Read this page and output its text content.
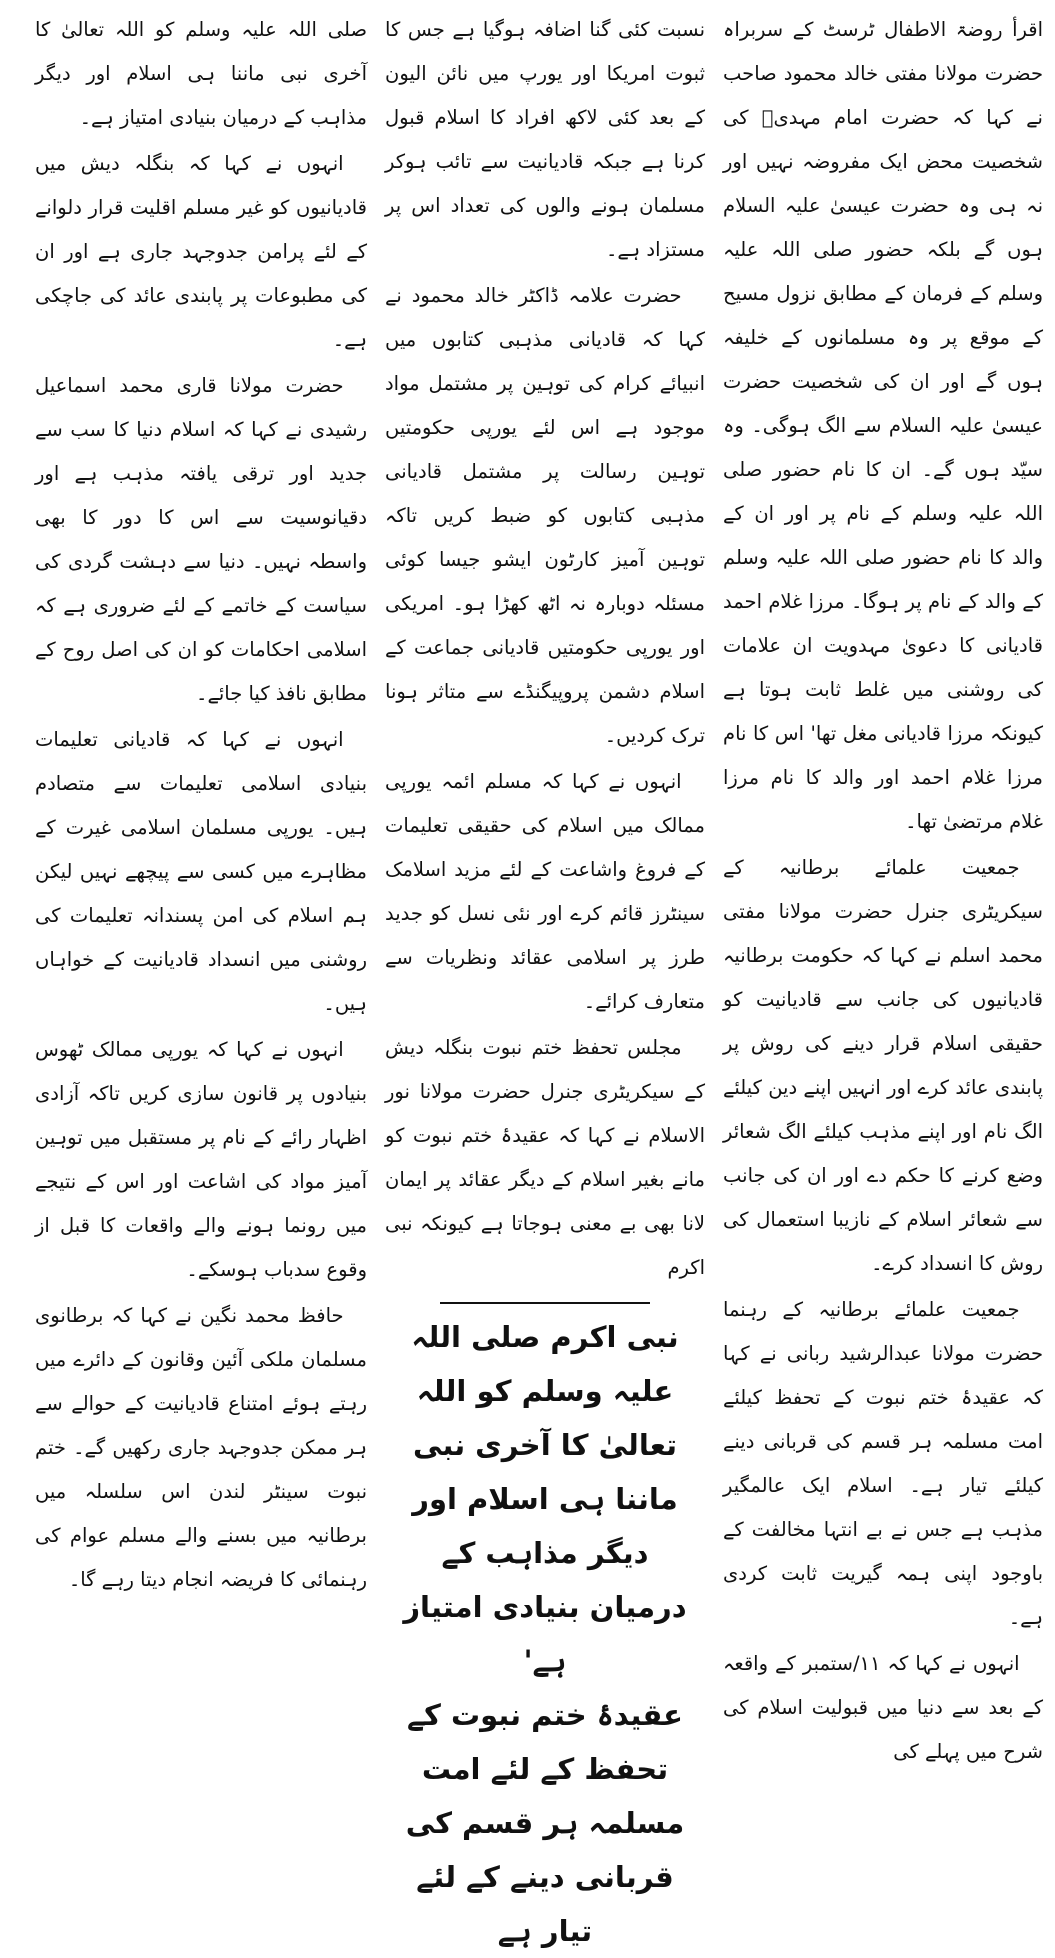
اقرأ روضۃ الاطفال ٹرسٹ کے سربراہ حضرت مولانا مفتی خالد محمود صاحب نے کہا کہ حضرت امام مہدیؒ کی شخصیت محض ایک مفروضہ نہیں اور نہ ہی وہ حضرت عیسیٰ علیہ السلام ہوں گے بلکہ حضور صلی اللہ علیہ وسلم کے فرمان کے مطابق نزول مسیح کے موقع پر وہ مسلمانوں کے خلیفہ ہوں گے اور ان کی شخصیت حضرت عیسیٰ علیہ السلام سے الگ ہوگی۔ وہ سیّد ہوں گے۔ ان کا نام حضور صلی اللہ علیہ وسلم کے نام پر اور ان کے والد کا نام حضور صلی اللہ علیہ وسلم کے والد کے نام پر ہوگا۔ مرزا غلام احمد قادیانی کا دعویٰ مہدویت ان علامات کی روشنی میں غلط ثابت ہوتا ہے کیونکہ مرزا قادیانی مغل تھا' اس کا نام مرزا غلام احمد اور والد کا نام مرزا غلام مرتضیٰ تھا۔

جمعیت علمائے برطانیہ کے سیکریٹری جنرل حضرت مولانا مفتی محمد اسلم نے کہا کہ حکومت برطانیہ قادیانیوں کی جانب سے قادیانیت کو حقیقی اسلام قرار دینے کی روش پر پابندی عائد کرے اور انہیں اپنے دین کیلئے الگ نام اور اپنے مذہب کیلئے الگ شعائر وضع کرنے کا حکم دے اور ان کی جانب سے شعائر اسلام کے نازیبا استعمال کی روش کا انسداد کرے۔

جمعیت علمائے برطانیہ کے رہنما حضرت مولانا عبدالرشید ربانی نے کہا کہ عقیدۂ ختم نبوت کے تحفظ کیلئے امت مسلمہ ہر قسم کی قربانی دینے کیلئے تیار ہے۔ اسلام ایک عالمگیر مذہب ہے جس نے بے انتہا مخالفت کے باوجود اپنی ہمہ گیریت ثابت کردی ہے۔

انہوں نے کہا کہ ۱۱/ستمبر کے واقعہ کے بعد سے دنیا میں قبولیت اسلام کی شرح میں پہلے کی

نسبت کئی گنا اضافہ ہوگیا ہے جس کا ثبوت امریکا اور یورپ میں نائن الیون کے بعد کئی لاکھ افراد کا اسلام قبول کرنا ہے جبکہ قادیانیت سے تائب ہوکر مسلمان ہونے والوں کی تعداد اس پر مستزاد ہے۔

حضرت علامہ ڈاکٹر خالد محمود نے کہا کہ قادیانی مذہبی کتابوں میں انبیائے کرام کی توہین پر مشتمل مواد موجود ہے اس لئے یورپی حکومتیں توہین رسالت پر مشتمل قادیانی مذہبی کتابوں کو ضبط کریں تاکہ توہین آمیز کارٹون ایشو جیسا کوئی مسئلہ دوبارہ نہ اٹھ کھڑا ہو۔ امریکی اور یورپی حکومتیں قادیانی جماعت کے اسلام دشمن پروپیگنڈے سے متاثر ہونا ترک کردیں۔

انہوں نے کہا کہ مسلم ائمہ یورپی ممالک میں اسلام کی حقیقی تعلیمات کے فروغ واشاعت کے لئے مزید اسلامک سینٹرز قائم کرے اور نئی نسل کو جدید طرز پر اسلامی عقائد ونظریات سے متعارف کرائے۔

مجلس تحفظ ختم نبوت بنگلہ دیش کے سیکریٹری جنرل حضرت مولانا نور الاسلام نے کہا کہ عقیدۂ ختم نبوت کو مانے بغیر اسلام کے دیگر عقائد پر ایمان لانا بھی بے معنی ہوجاتا ہے کیونکہ نبی اکرم

نبی اکرم صلی اللہ علیہ وسلم کو اللہ تعالیٰ کا آخری نبی ماننا ہی اسلام اور دیگر مذاہب کے درمیان بنیادی امتیاز ہے'

عقیدۂ ختم نبوت کے تحفظ کے لئے امت مسلمہ ہر قسم کی قربانی دینے کے لئے تیار ہے

صلی اللہ علیہ وسلم کو اللہ تعالیٰ کا آخری نبی ماننا ہی اسلام اور دیگر مذاہب کے درمیان بنیادی امتیاز ہے۔

انہوں نے کہا کہ بنگلہ دیش میں قادیانیوں کو غیر مسلم اقلیت قرار دلوانے کے لئے پرامن جدوجہد جاری ہے اور ان کی مطبوعات پر پابندی عائد کی جاچکی ہے۔

حضرت مولانا قاری محمد اسماعیل رشیدی نے کہا کہ اسلام دنیا کا سب سے جدید اور ترقی یافتہ مذہب ہے اور دقیانوسیت سے اس کا دور کا بھی واسطہ نہیں۔ دنیا سے دہشت گردی کی سیاست کے خاتمے کے لئے ضروری ہے کہ اسلامی احکامات کو ان کی اصل روح کے مطابق نافذ کیا جائے۔

انہوں نے کہا کہ قادیانی تعلیمات بنیادی اسلامی تعلیمات سے متصادم ہیں۔ یورپی مسلمان اسلامی غیرت کے مظاہرے میں کسی سے پیچھے نہیں لیکن ہم اسلام کی امن پسندانہ تعلیمات کی روشنی میں انسداد قادیانیت کے خواہاں ہیں۔

انہوں نے کہا کہ یورپی ممالک ٹھوس بنیادوں پر قانون سازی کریں تاکہ آزادی اظہار رائے کے نام پر مستقبل میں توہین آمیز مواد کی اشاعت اور اس کے نتیجے میں رونما ہونے والے واقعات کا قبل از وقوع سدباب ہوسکے۔

حافظ محمد نگین نے کہا کہ برطانوی مسلمان ملکی آئین وقانون کے دائرے میں رہتے ہوئے امتناع قادیانیت کے حوالے سے ہر ممکن جدوجہد جاری رکھیں گے۔ ختم نبوت سینٹر لندن اس سلسلہ میں برطانیہ میں بسنے والے مسلم عوام کی رہنمائی کا فریضہ انجام دیتا رہے گا۔
